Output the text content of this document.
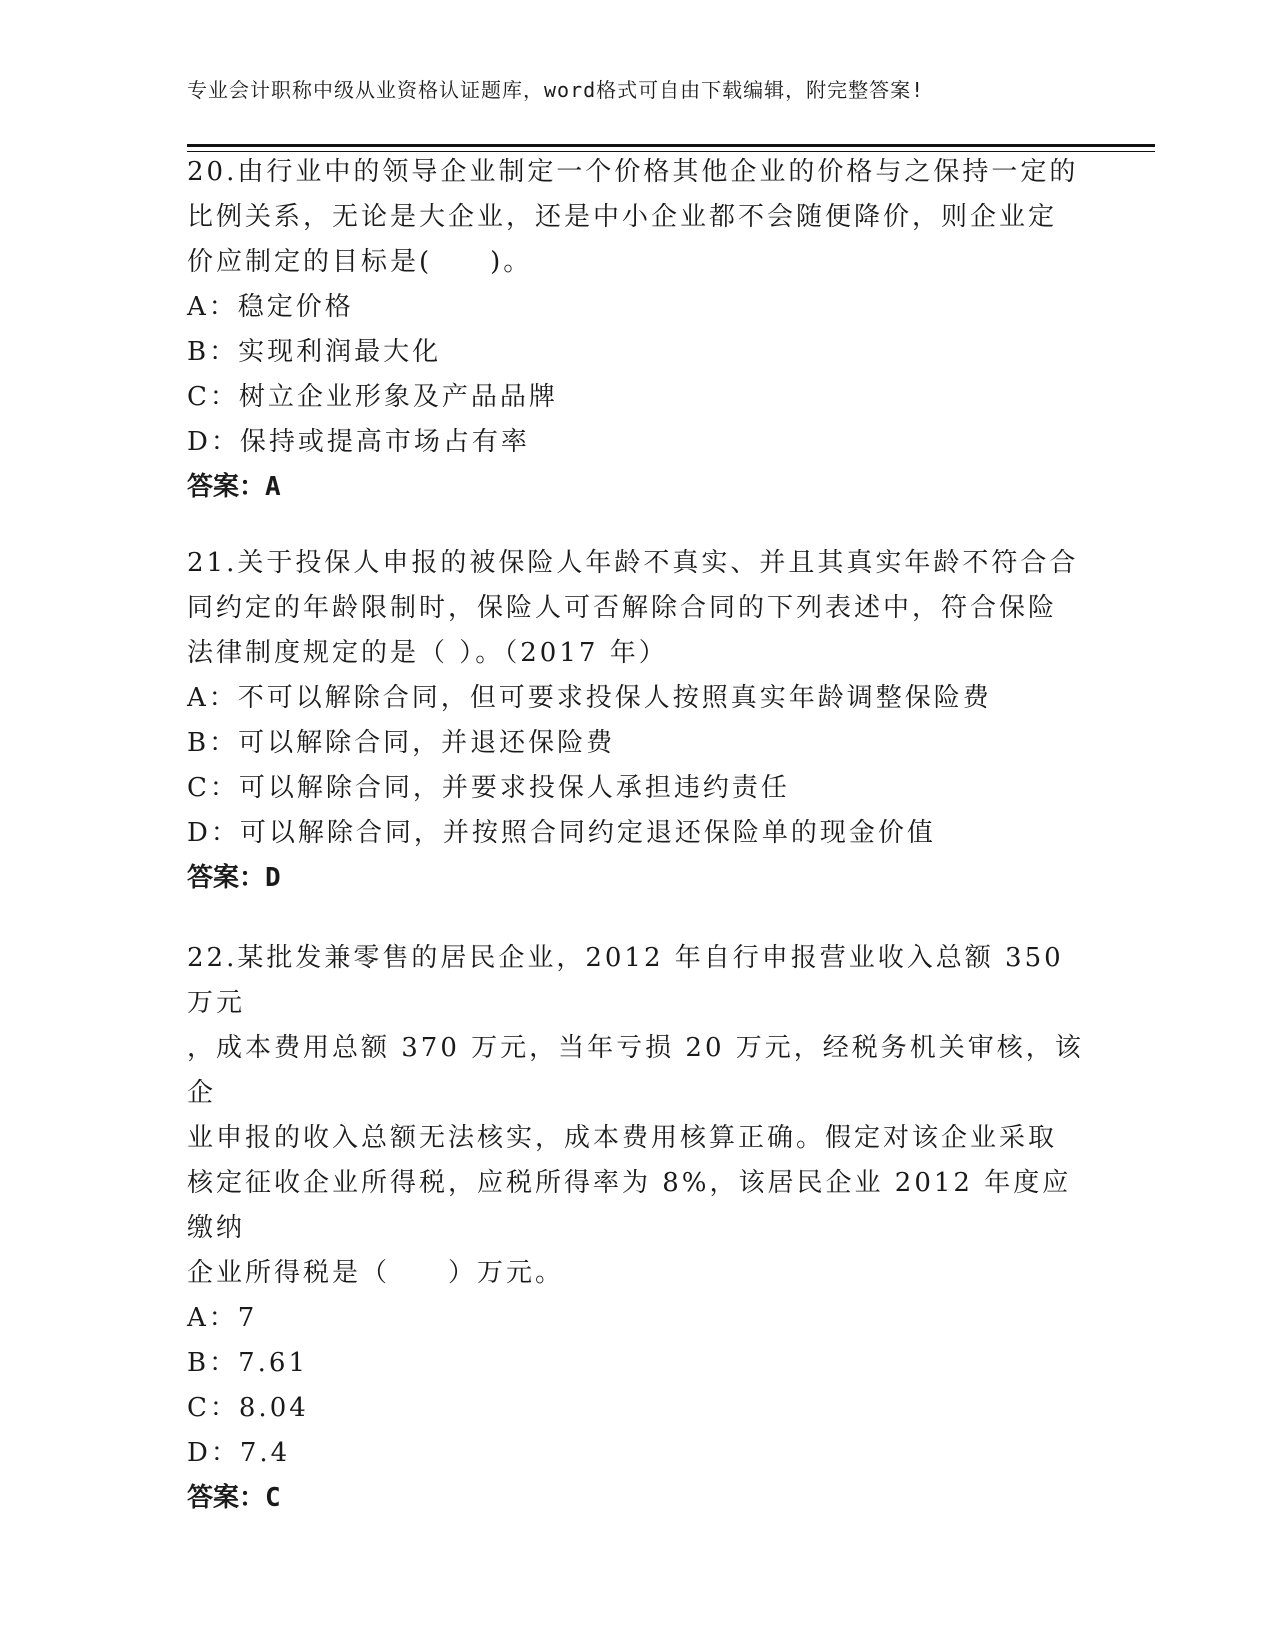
专业会计职称中级从业资格认证题库，word格式可自由下载编辑，附完整答案!

20.由行业中的领导企业制定一个价格其他企业的价格与之保持一定的
比例关系，无论是大企业，还是中小企业都不会随便降价，则企业定
价应制定的目标是(　　)。

A：稳定价格

B：实现利润最大化

C：树立企业形象及产品品牌

D：保持或提高市场占有率

答案：A

21.关于投保人申报的被保险人年龄不真实、并且其真实年龄不符合合
同约定的年龄限制时，保险人可否解除合同的下列表述中，符合保险
法律制度规定的是（ ）。（2017 年）

A：不可以解除合同，但可要求投保人按照真实年龄调整保险费

B：可以解除合同，并退还保险费

C：可以解除合同，并要求投保人承担违约责任

D：可以解除合同，并按照合同约定退还保险单的现金价值

答案：D

22.某批发兼零售的居民企业，2012 年自行申报营业收入总额 350 万元
，成本费用总额 370 万元，当年亏损 20 万元，经税务机关审核，该企
业申报的收入总额无法核实，成本费用核算正确。假定对该企业采取
核定征收企业所得税，应税所得率为 8%，该居民企业 2012 年度应缴纳
企业所得税是（　　）万元。

A：7

B：7.61

C：8.04

D：7.4

答案：C
